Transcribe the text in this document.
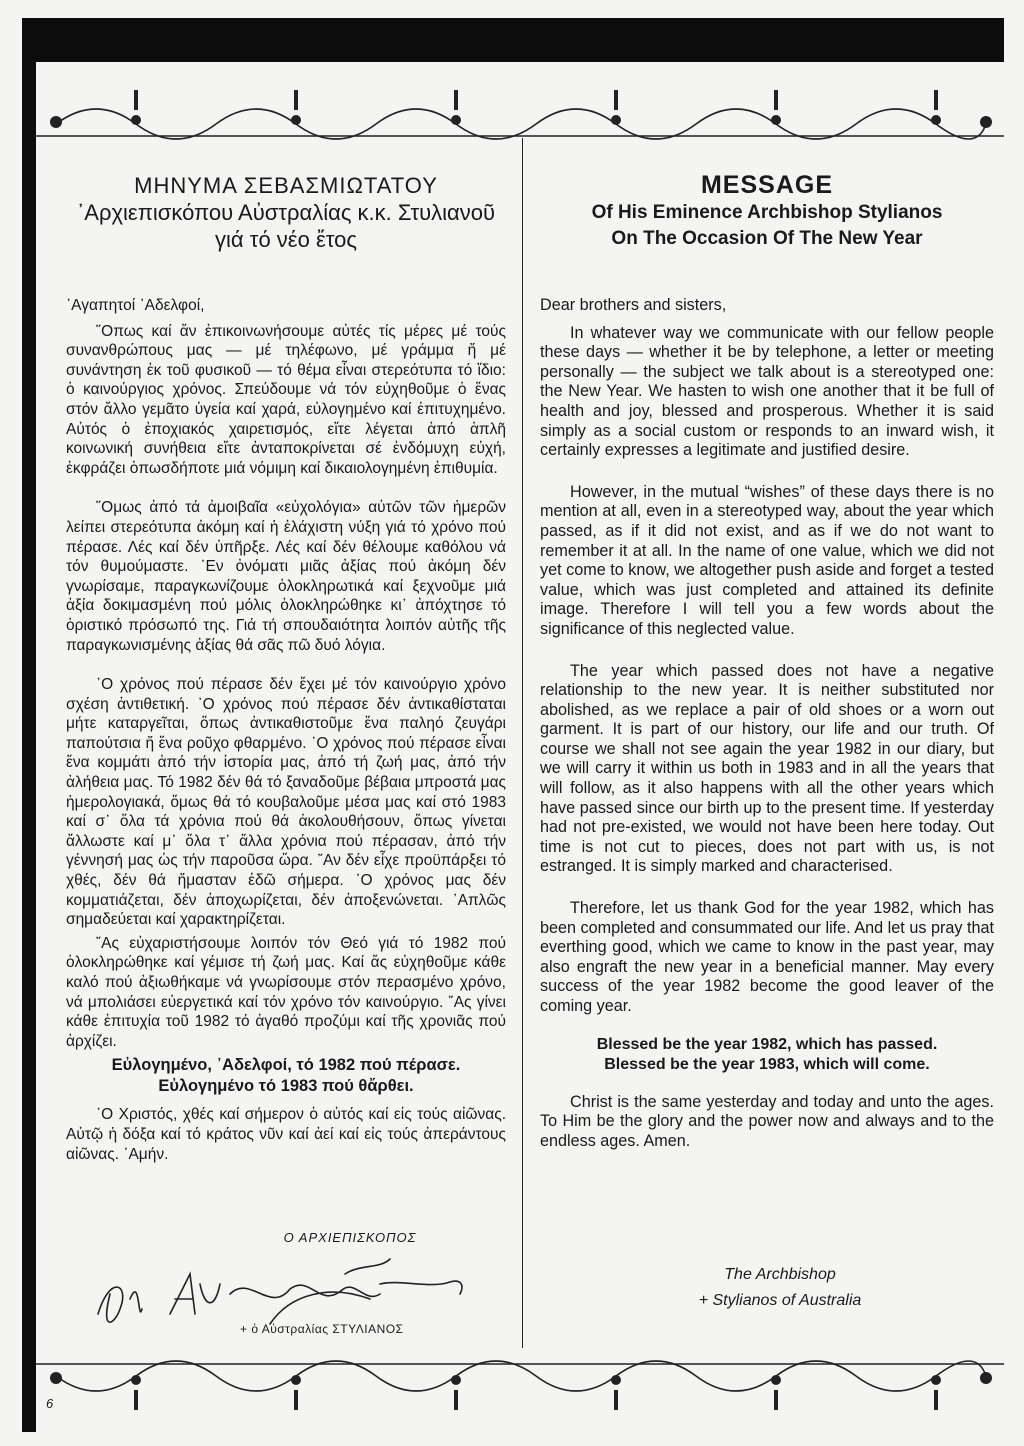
ΜΗΝΥΜΑ ΣΕΒΑΣΜΙΩΤΑΤΟΥ
᾽Αρχιεπισκόπου Αὐστραλίας κ.κ. Στυλιανοῦ
γιά τό νέο ἔτος
MESSAGE
Of His Eminence Archbishop Stylianos
On The Occasion Of The New Year

᾽Αγαπητοί ᾽Αδελφοί,

῞Οπως καί ἄν ἐπικοινωνήσουμε αὐτές τίς μέρες μέ τούς συνανθρώπους μας — μέ τηλέφωνο, μέ γράμμα ἤ μέ συνάντηση ἐκ τοῦ φυσικοῦ — τό θέμα εἶναι στερεότυπα τό ἴδιο: ὁ καινούργιος χρόνος. Σπεύδουμε νά τόν εὐχηθοῦμε ὁ ἕνας στόν ἄλλο γεμᾶτο ὑγεία καί χαρά, εὐλογημένο καί ἐπιτυχημένο. Αὐτός ὁ ἐποχιακός χαιρετισμός, εἴτε λέγεται ἁπό ἁπλῆ κοινωνική συνήθεια εἴτε ἀνταποκρίνεται σέ ἐνδόμυχη εὐχή, ἐκφράζει ὁπωσδήποτε μιά νόμιμη καί δικαιολογημένη ἐπιθυμία.

῞Ομως ἀπό τά ἀμοιβαῖα «εὐχολόγια» αὐτῶν τῶν ἡμερῶν λείπει στερεότυπα ἀκόμη καί ἡ ἐλάχιστη νύξη γιά τό χρόνο πού πέρασε. Λές καί δέν ὑπῆρξε. Λές καί δέν θέλουμε καθόλου νά τόν θυμούμαστε. ᾽Εν ὀνόματι μιᾶς ἀξίας πού ἀκόμη δέν γνωρίσαμε, παραγκωνίζουμε ὁλοκληρωτικά καί ξεχνοῦμε μιά ἀξία δοκιμασμένη πού μόλις ὁλοκληρώθηκε κι᾽ ἀπόχτησε τό ὁριστικό πρόσωπό της. Γιά τή σπουδαιότητα λοιπόν αὐτῆς τῆς παραγκωνισμένης ἀξίας θά σᾶς πῶ δυό λόγια.

᾽Ο χρόνος πού πέρασε δέν ἔχει μέ τόν καινούργιο χρόνο σχέση ἀντιθετική. ᾽Ο χρόνος πού πέρασε δέν ἀντικαθίσταται μήτε καταργεῖται, ὅπως ἀντικαθιστοῦμε ἕνα παληό ζευγάρι παπούτσια ἤ ἕνα ροῦχο φθαρμένο. ᾽Ο χρόνος πού πέρασε εἶναι ἕνα κομμάτι ἀπό τήν ἱστορία μας, ἀπό τή ζωή μας, ἀπό τήν ἀλήθεια μας. Τό 1982 δέν θά τό ξαναδοῦμε βέβαια μπροστά μας ἡμερολογιακά, ὅμως θά τό κουβαλοῦμε μέσα μας καί στό 1983 καί σ᾽ ὅλα τά χρόνια πού θά ἀκολουθήσουν, ὅπως γίνεται ἄλλωστε καί μ᾽ ὅλα τ᾽ ἄλλα χρόνια πού πέρασαν, ἀπό τήν γέννησή μας ὡς τήν παροῦσα ὥρα. ῎Αν δέν εἶχε προϋπάρξει τό χθές, δέν θά ἤμασταν ἐδῶ σήμερα. ᾽Ο χρόνος μας δέν κομματιάζεται, δέν ἀποχωρίζεται, δέν ἀποξενώνεται. ᾽Απλῶς σημαδεύεται καί χαρακτηρίζεται.

῎Ας εὐχαριστήσουμε λοιπόν τόν Θεό γιά τό 1982 πού ὁλοκληρώθηκε καί γέμισε τή ζωή μας. Καί ἄς εὐχηθοῦμε κάθε καλό πού ἀξιωθήκαμε νά γνωρίσουμε στόν περασμένο χρόνο, νά μπολιάσει εὐεργετικά καί τόν χρόνο τόν καινούργιο. ῎Ας γίνει κάθε ἐπιτυχία τοῦ 1982 τό ἀγαθό προζύμι καί τῆς χρονιᾶς πού ἀρχίζει.

Εὐλογημένο, ᾽Αδελφοί, τό 1982 πού πέρασε.

Εὐλογημένο τό 1983 πού θἄρθει.

᾽Ο Χριστός, χθές καί σήμερον ὁ αὐτός καί εἰς τούς αἰῶνας. Αὐτῷ ἡ δόξα καί τό κράτος νῦν καί ἀεί καί εἰς τούς ἀπεράντους αἰῶνας. ᾽Αμήν.

Ο ΑΡΧΙΕΠΙΣΚΟΠΟΣ
+ ὁ Αὐστραλίας ΣΤΥΛΙΑΝΟΣ

Dear brothers and sisters,

In whatever way we communicate with our fellow people these days — whether it be by telephone, a letter or meeting personally — the subject we talk about is a stereotyped one: the New Year. We hasten to wish one another that it be full of health and joy, blessed and prosperous. Whether it is said simply as a social custom or responds to an inward wish, it certainly expresses a legitimate and justified desire.

However, in the mutual “wishes” of these days there is no mention at all, even in a stereotyped way, about the year which passed, as if it did not exist, and as if we do not want to remember it at all. In the name of one value, which we did not yet come to know, we altogether push aside and forget a tested value, which was just completed and attained its definite image. Therefore I will tell you a few words about the significance of this neglected value.

The year which passed does not have a negative relationship to the new year. It is neither substituted nor abolished, as we replace a pair of old shoes or a worn out garment. It is part of our history, our life and our truth. Of course we shall not see again the year 1982 in our diary, but we will carry it within us both in 1983 and in all the years that will follow, as it also happens with all the other years which have passed since our birth up to the present time. If yesterday had not pre-existed, we would not have been here today. Out time is not cut to pieces, does not part with us, is not estranged. It is simply marked and characterised.

Therefore, let us thank God for the year 1982, which has been completed and consummated our life. And let us pray that everthing good, which we came to know in the past year, may also engraft the new year in a beneficial manner. May every success of the year 1982 become the good leaver of the coming year.

Blessed be the year 1982, which has passed.

Blessed be the year 1983, which will come.

Christ is the same yesterday and today and unto the ages. To Him be the glory and the power now and always and to the endless ages. Amen.

The Archbishop
+ Stylianos of Australia
6
